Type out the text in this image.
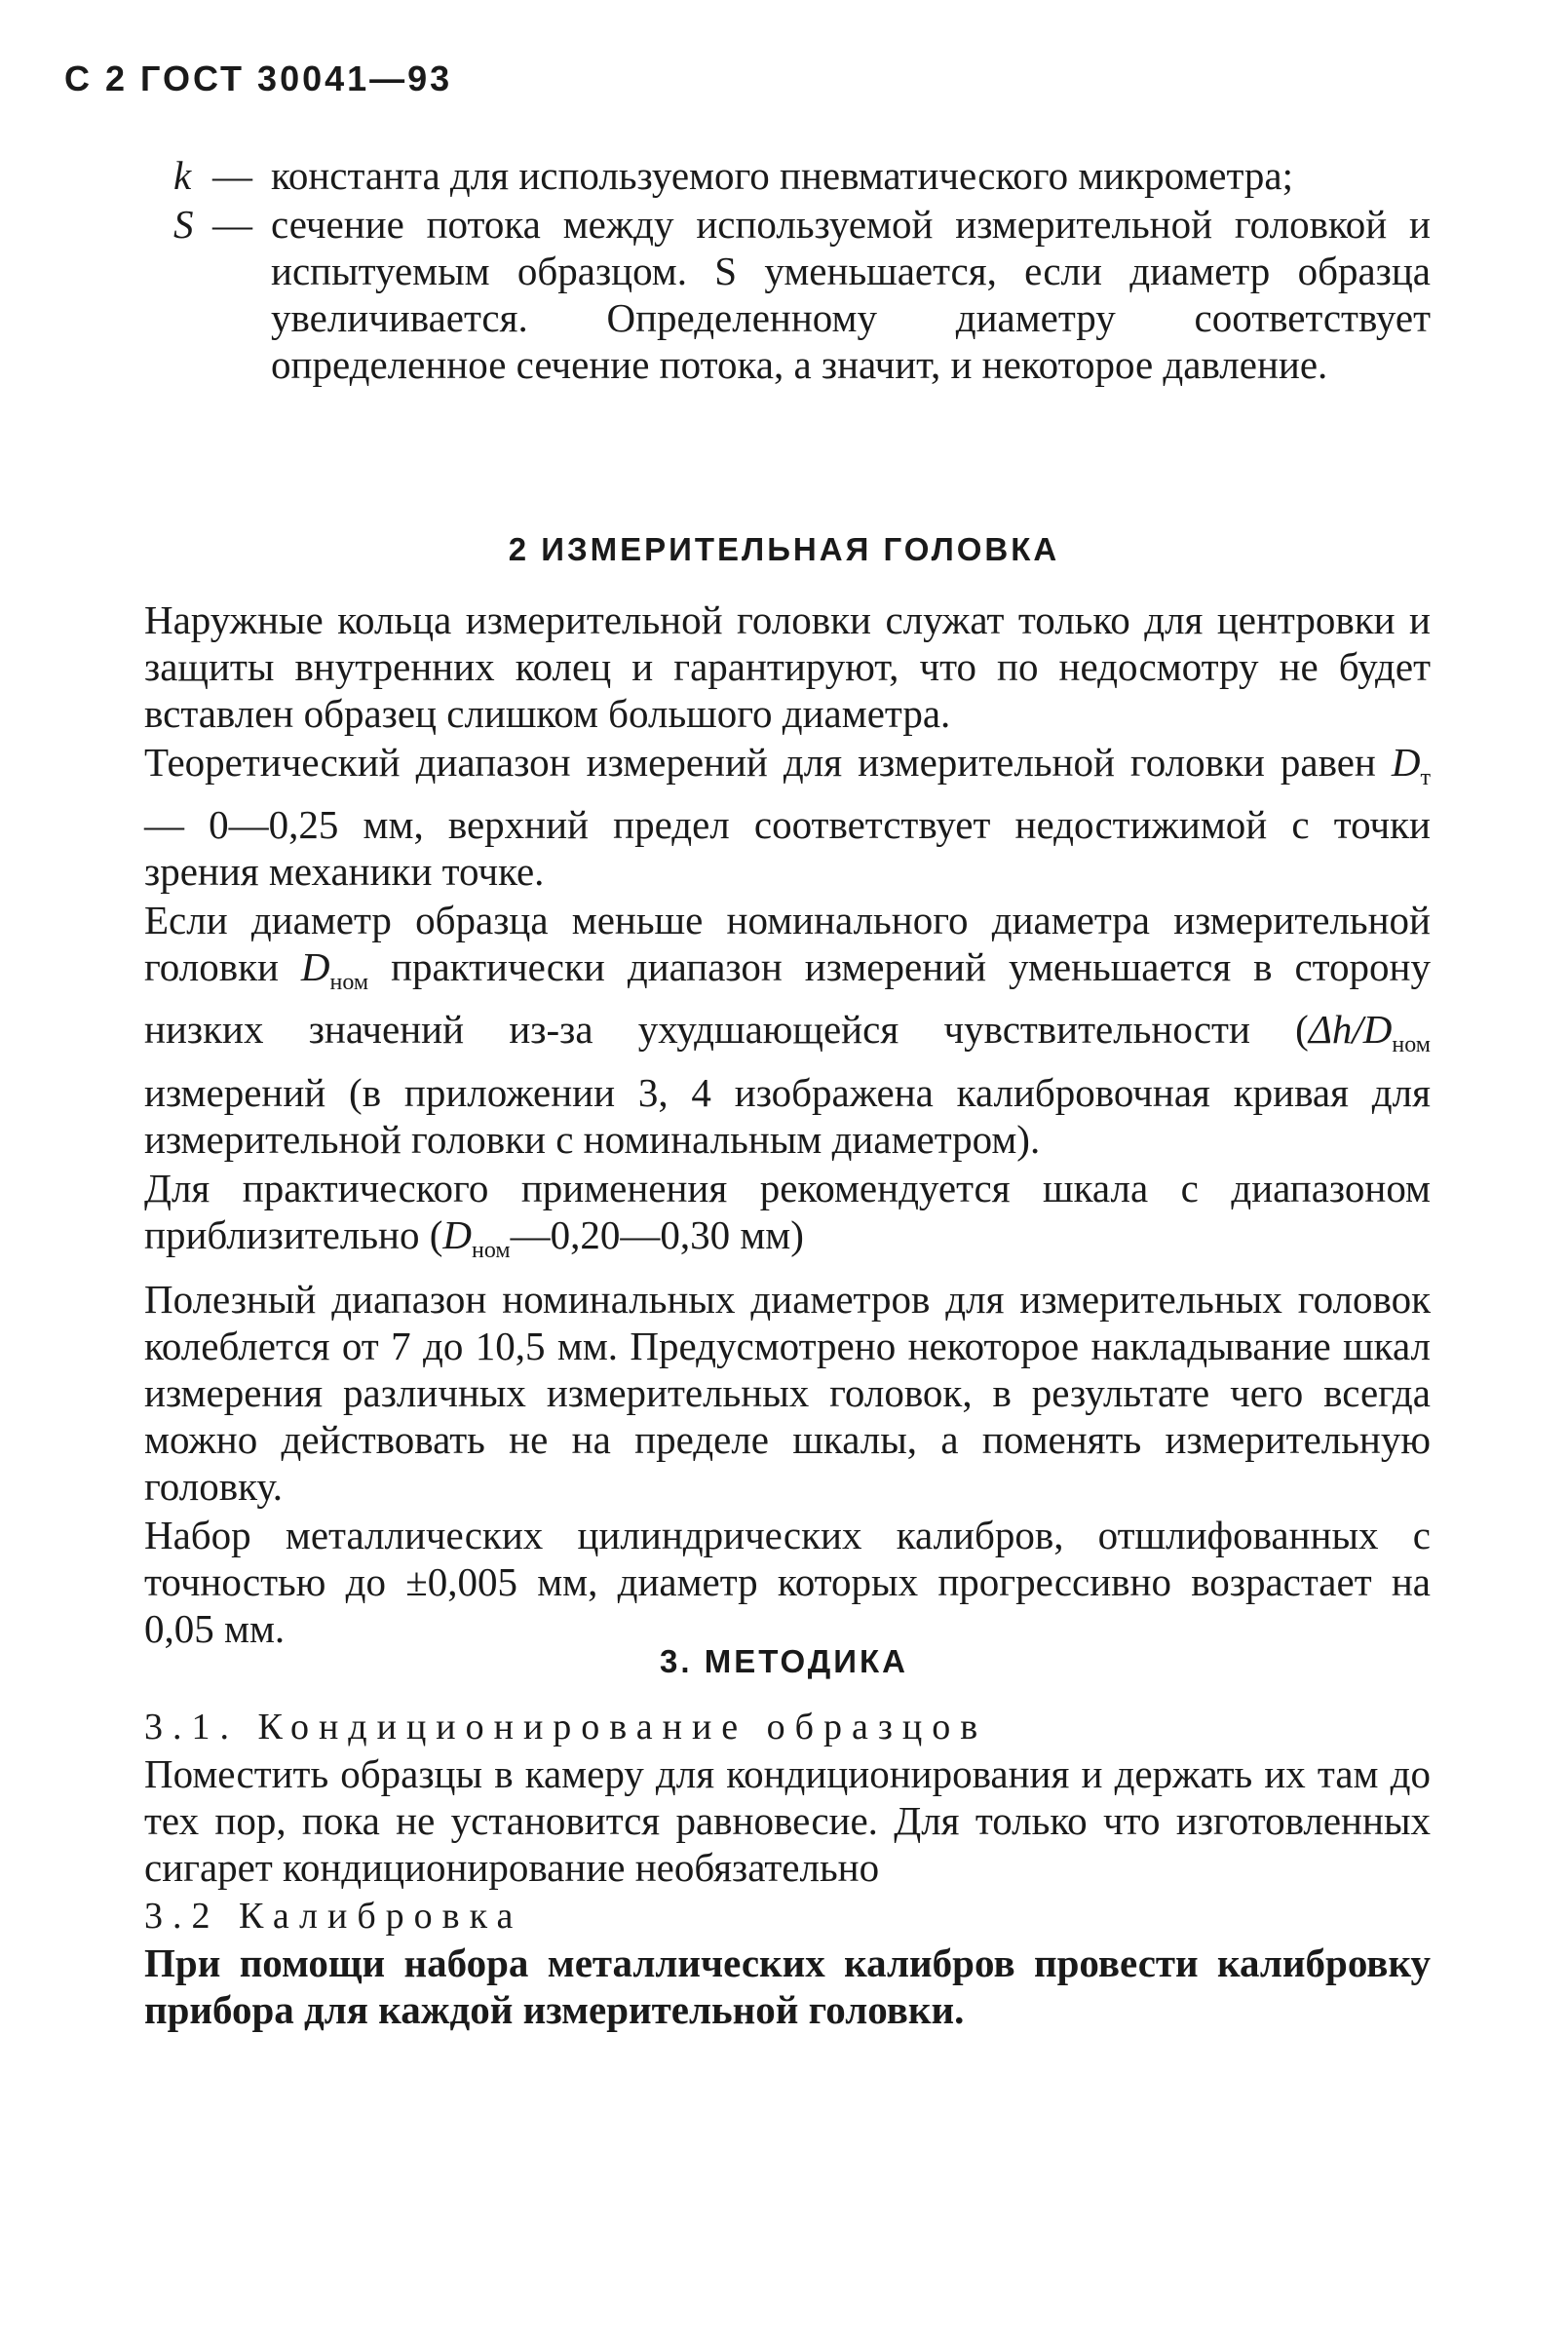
С 2 ГОСТ 30041—93
k — константа для используемого пневматического микрометра;
S — сечение потока между используемой измерительной головкой и испытуемым образцом. S уменьшается, если диаметр образца увеличивается. Определенному диаметру соответствует определенное сечение потока, а значит, и некоторое давление.
2 ИЗМЕРИТЕЛЬНАЯ ГОЛОВКА

Наружные кольца измерительной головки служат только для центровки и защиты внутренних колец и гарантируют, что по недосмотру не будет вставлен образец слишком большого диаметра.

Теоретический диапазон измерений для измерительной головки равен $D_т$ — 0—0,25 мм, верхний предел соответствует недостижимой с точки зрения механики точке.

Если диаметр образца меньше номинального диаметра измерительной головки $D_{ном}$ практически диапазон измерений уменьшается в сторону низких значений из-за ухудшающейся чувствительности ($\Delta h/D_{ном}$ измерений (в приложении 3, 4 изображена калибровочная кривая для измерительной головки с номинальным диаметром).

Для практического применения рекомендуется шкала с диапазоном приблизительно ($D_{ном}—0,20—0,30$ мм)

Полезный диапазон номинальных диаметров для измерительных головок колеблется от 7 до 10,5 мм. Предусмотрено некоторое накладывание шкал измерения различных измерительных головок, в результате чего всегда можно действовать не на пределе шкалы, а поменять измерительную головку.

Набор металлических цилиндрических калибров, отшлифованных с точностью до ±0,005 мм, диаметр которых прогрессивно возрастает на 0,05 мм.

3. МЕТОДИКА

3.1. Кондиционирование образцов

Поместить образцы в камеру для кондиционирования и держать их там до тех пор, пока не установится равновесие. Для только что изготовленных сигарет кондиционирование необязательно

3.2 Калибровка

При помощи набора металлических калибров провести калибровку прибора для каждой измерительной головки.
